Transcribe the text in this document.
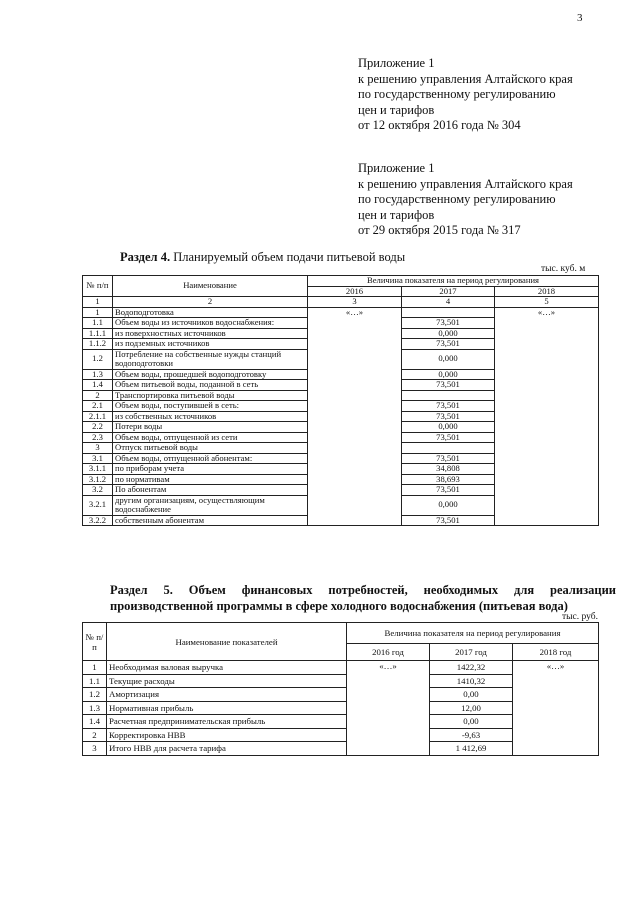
3
Приложение 1
к решению управления Алтайского края
по государственному регулированию
цен и тарифов
от 12 октября 2016 года № 304
Приложение 1
к решению управления Алтайского края
по государственному регулированию
цен и тарифов
от 29 октября 2015 года № 317
Раздел 4. Планируемый объем подачи питьевой воды
тыс. куб. м
№ п/п	Наименование	Величина показателя на период регулирования		
		2016	2017	2018
1	2	3	4	5
1	Водоподготовка	«…»		«…»
1.1	Объем воды из источников водоснабжения:		73,501	
1.1.1	из поверхностных источников		0,000	
1.1.2	из подземных источников		73,501	
1.2	Потребление на собственные нужды станций водоподготовки		0,000	
1.3	Объем воды, прошедшей водоподготовку		0,000	
1.4	Объем питьевой воды, поданной в сеть		73,501	
2	Транспортировка питьевой воды			
2.1	Объем воды, поступившей в сеть:		73,501	
2.1.1	из собственных источников		73,501	
2.2	Потери воды		0,000	
2.3	Объем воды, отпущенной из сети		73,501	
3	Отпуск питьевой воды			
3.1	Объем воды, отпущенной абонентам:		73,501	
3.1.1	по приборам учета		34,808	
3.1.2	по нормативам		38,693	
3.2	По абонентам		73,501	
3.2.1	другим организациям, осуществляющим водоснабжение		0,000	
3.2.2	собственным абонентам		73,501	
Раздел 5. Объем финансовых потребностей, необходимых для реализации производственной программы в сфере холодного водоснабжения (питьевая вода)
тыс. руб.
№ п/ п	Наименование показателей	Величина показателя на период регулирования		
		2016 год	2017 год	2018 год
1	Необходимая валовая выручка	«…»	1422,32	«…»
1.1	Текущие расходы		1410,32	
1.2	Амортизация		0,00	
1.3	Нормативная прибыль		12,00	
1.4	Расчетная предпринимательская прибыль		0,00	
2	Корректировка НВВ		-9,63	
3	Итого НВВ для расчета тарифа		1 412,69	
